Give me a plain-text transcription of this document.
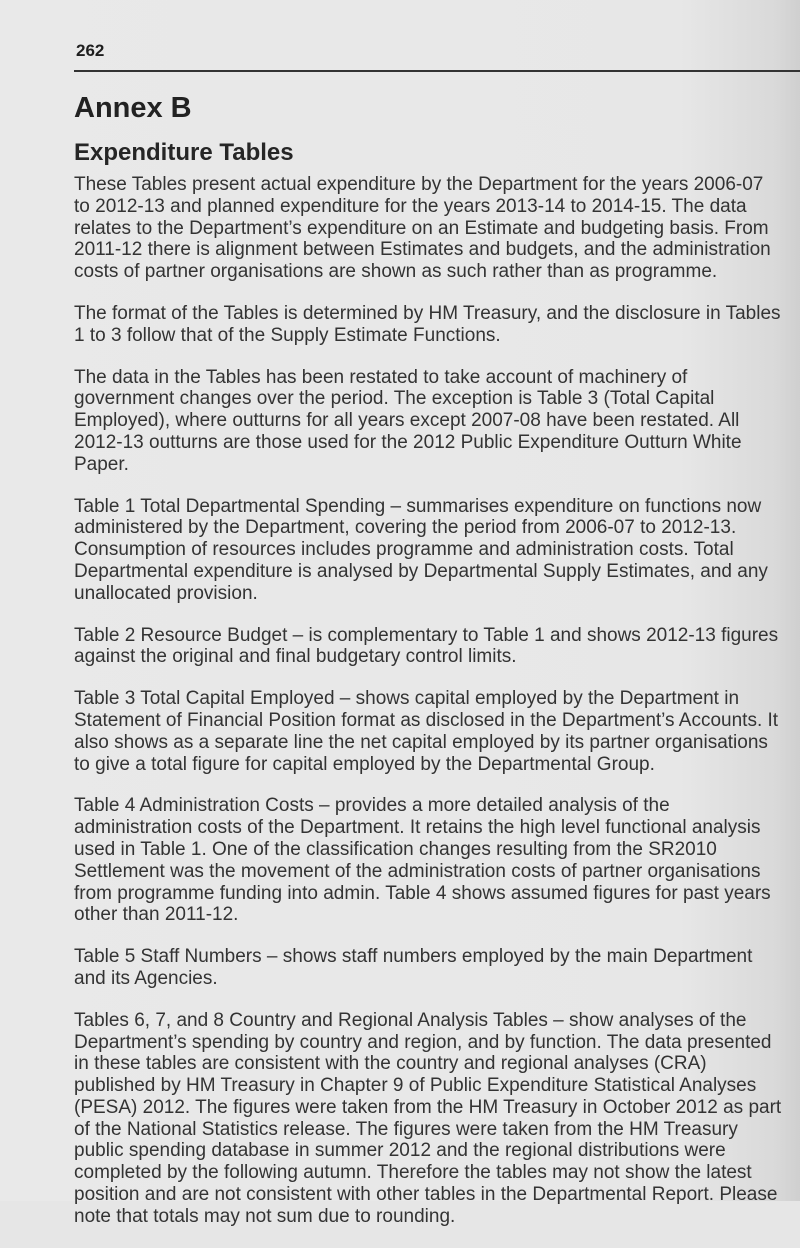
262
Annex B
Expenditure Tables

These Tables present actual expenditure by the Department for the years 2006-07 to 2012-13 and planned expenditure for the years 2013-14 to 2014-15. The data relates to the Department’s expenditure on an Estimate and budgeting basis. From 2011-12 there is alignment between Estimates and budgets, and the administration costs of partner organisations are shown as such rather than as programme.

The format of the Tables is determined by HM Treasury, and the disclosure in Tables 1 to 3 follow that of the Supply Estimate Functions.

The data in the Tables has been restated to take account of machinery of government changes over the period. The exception is Table 3 (Total Capital Employed), where outturns for all years except 2007-08 have been restated. All 2012-13 outturns are those used for the 2012 Public Expenditure Outturn White Paper.

Table 1 Total Departmental Spending – summarises expenditure on functions now administered by the Department, covering the period from 2006-07 to 2012-13. Consumption of resources includes programme and administration costs. Total Departmental expenditure is analysed by Departmental Supply Estimates, and any unallocated provision.

Table 2 Resource Budget – is complementary to Table 1 and shows 2012-13 figures against the original and final budgetary control limits.

Table 3 Total Capital Employed – shows capital employed by the Department in Statement of Financial Position format as disclosed in the Department’s Accounts. It also shows as a separate line the net capital employed by its partner organisations to give a total figure for capital employed by the Departmental Group.

Table 4 Administration Costs – provides a more detailed analysis of the administration costs of the Department. It retains the high level functional analysis used in Table 1. One of the classification changes resulting from the SR2010 Settlement was the movement of the administration costs of partner organisations from programme funding into admin. Table 4 shows assumed figures for past years other than 2011-12.

Table 5 Staff Numbers – shows staff numbers employed by the main Department and its Agencies.

Tables 6, 7, and 8 Country and Regional Analysis Tables – show analyses of the Department’s spending by country and region, and by function. The data presented in these tables are consistent with the country and regional analyses (CRA) published by HM Treasury in Chapter 9 of Public Expenditure Statistical Analyses (PESA) 2012. The figures were taken from the HM Treasury in October 2012 as part of the National Statistics release. The figures were taken from the HM Treasury public spending database in summer 2012 and the regional distributions were completed by the following autumn. Therefore the tables may not show the latest position and are not consistent with other tables in the Departmental Report. Please note that totals may not sum due to rounding.
